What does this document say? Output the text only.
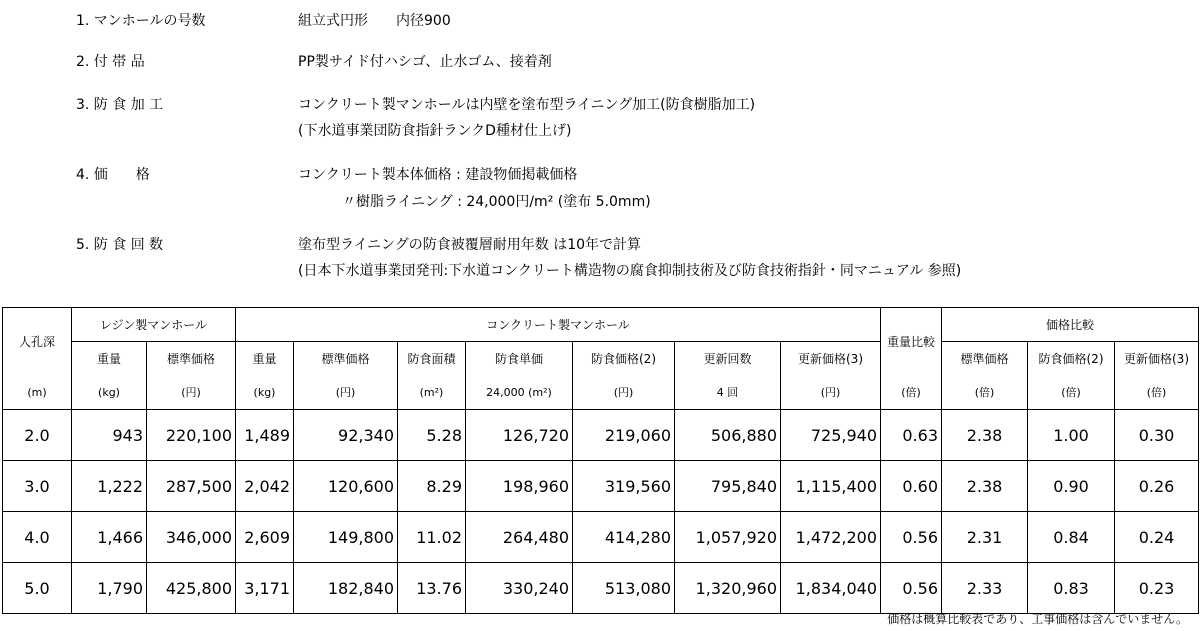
1. マンホールの号数	組立式円形　　内径900
2. 付 帯 品	PP製サイド付ハシゴ、止水ゴム、接着剤
3. 防 食 加 工	コンクリート製マンホールは内壁を塗布型ライニング加工(防食樹脂加工)
(下水道事業団防食指針ランクD種材仕上げ)
4. 価　　格	コンクリート製本体価格 : 建設物価掲載価格
〃樹脂ライニング : 24,000円/m² (塗布 5.0mm)
5. 防 食 回 数	塗布型ライニングの防食被覆層耐用年数 は10年で計算
(日本下水道事業団発刊:下水道コンクリート構造物の腐食抑制技術及び防食技術指針・同マニュアル 参照)
人孔深	レジン製マンホール		コンクリート製マンホール							重量比較	価格比較		
	重量	標準価格	重量	標準価格	防食面積	防食単価	防食価格(2)	更新回数	更新価格(3)		標準価格	防食価格(2)	更新価格(3)
(m)	(kg)	(円)	(kg)	(円)	(m²)	24,000 (m²)	(円)	4 回	(円)	(倍)	(倍)	(倍)	(倍)
2.0	943	220,100	1,489	92,340	5.28	126,720	219,060	506,880	725,940	0.63	2.38	1.00	0.30
3.0	1,222	287,500	2,042	120,600	8.29	198,960	319,560	795,840	1,115,400	0.60	2.38	0.90	0.26
4.0	1,466	346,000	2,609	149,800	11.02	264,480	414,280	1,057,920	1,472,200	0.56	2.31	0.84	0.24
5.0	1,790	425,800	3,171	182,840	13.76	330,240	513,080	1,320,960	1,834,040	0.56	2.33	0.83	0.23
価格は概算比較表であり、工事価格は含んでいません。
